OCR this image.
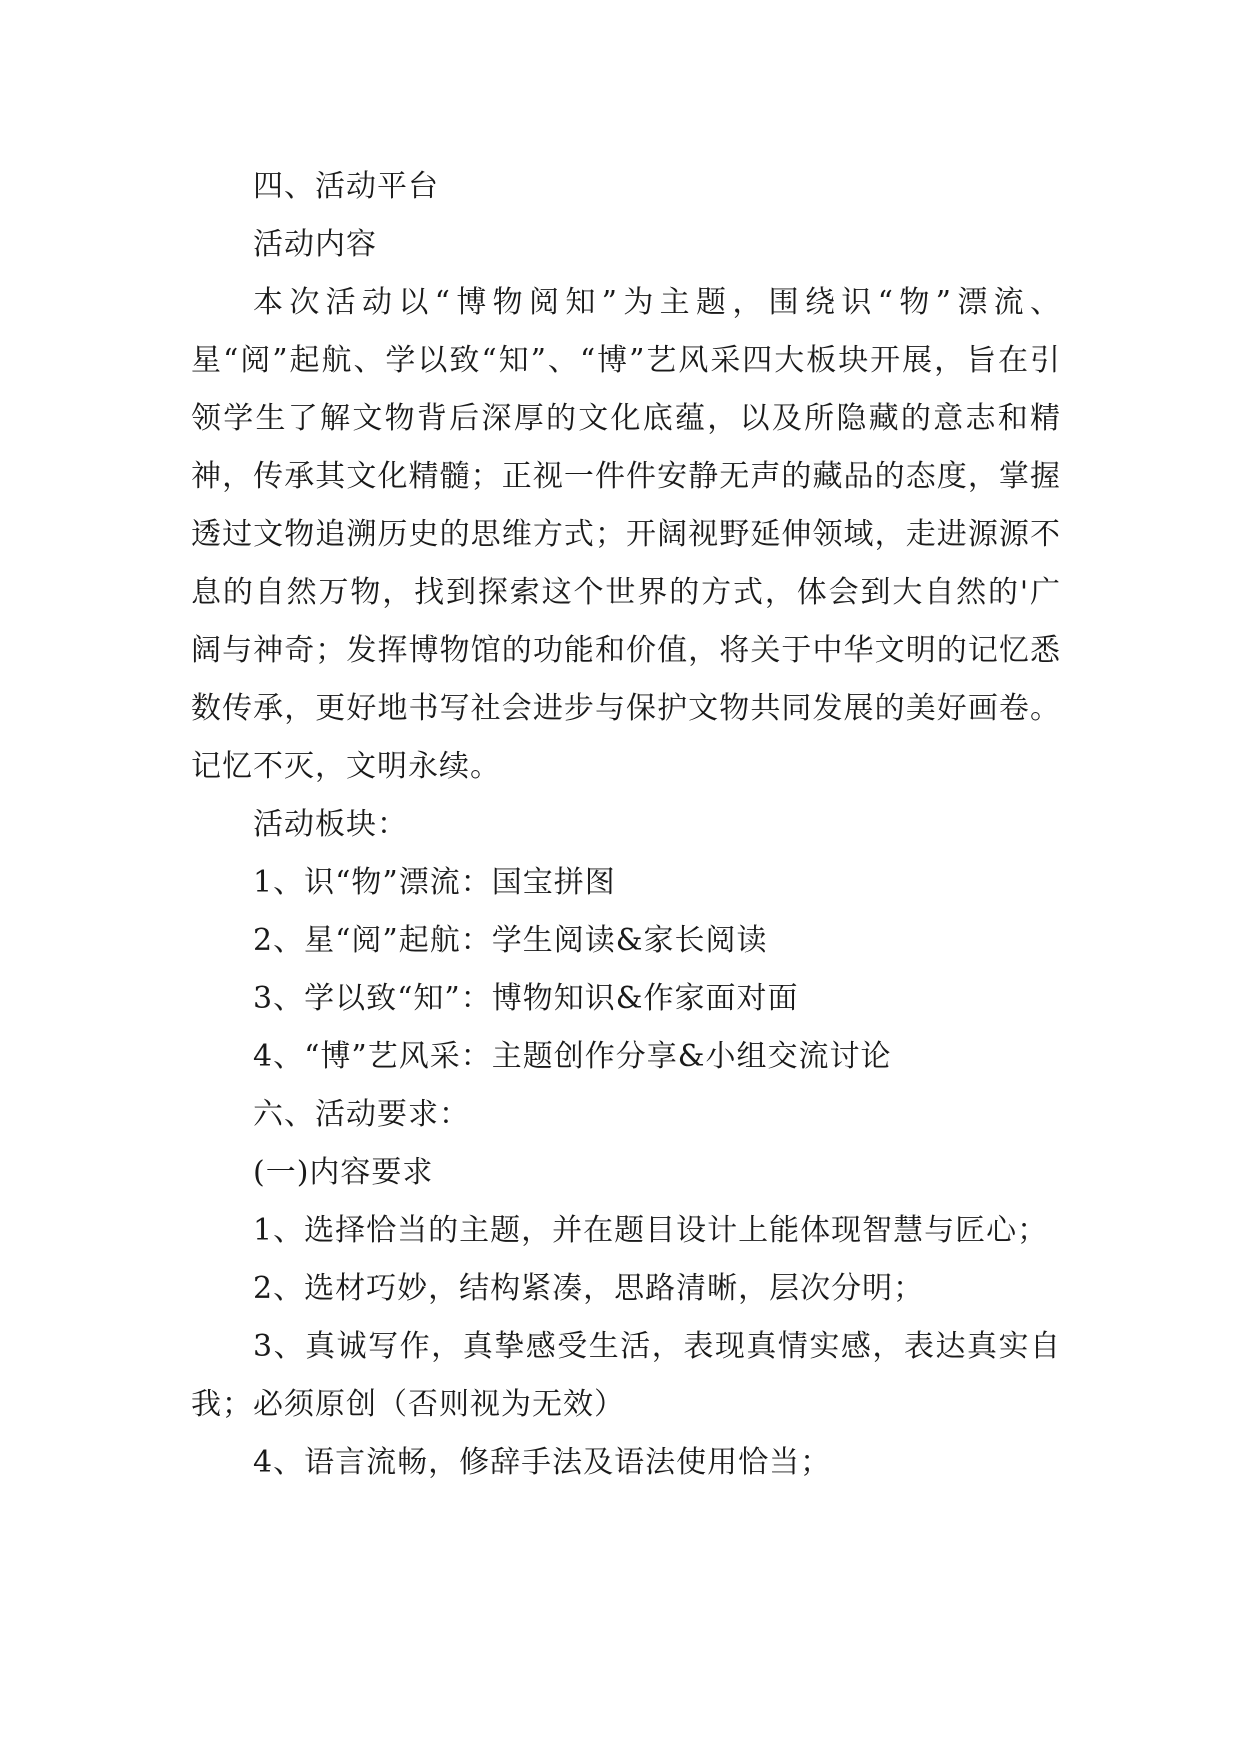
四、活动平台

活动内容

本次活动以“博物阅知”为主题，围绕识“物”漂流、星“阅”起航、学以致“知”、“博”艺风采四大板块开展，旨在引领学生了解文物背后深厚的文化底蕴，以及所隐藏的意志和精神，传承其文化精髓；正视一件件安静无声的藏品的态度，掌握透过文物追溯历史的思维方式；开阔视野延伸领域，走进源源不息的自然万物，找到探索这个世界的方式，体会到大自然的'广阔与神奇；发挥博物馆的功能和价值，将关于中华文明的记忆悉数传承，更好地书写社会进步与保护文物共同发展的美好画卷。记忆不灭，文明永续。

活动板块：

1、识“物”漂流：国宝拼图

2、星“阅”起航：学生阅读&家长阅读

3、学以致“知”：博物知识&作家面对面

4、“博”艺风采：主题创作分享&小组交流讨论

六、活动要求：

(一)内容要求

1、选择恰当的主题，并在题目设计上能体现智慧与匠心；

2、选材巧妙，结构紧凑，思路清晰，层次分明；

3、真诚写作，真挚感受生活，表现真情实感，表达真实自我；必须原创（否则视为无效）

4、语言流畅，修辞手法及语法使用恰当；
